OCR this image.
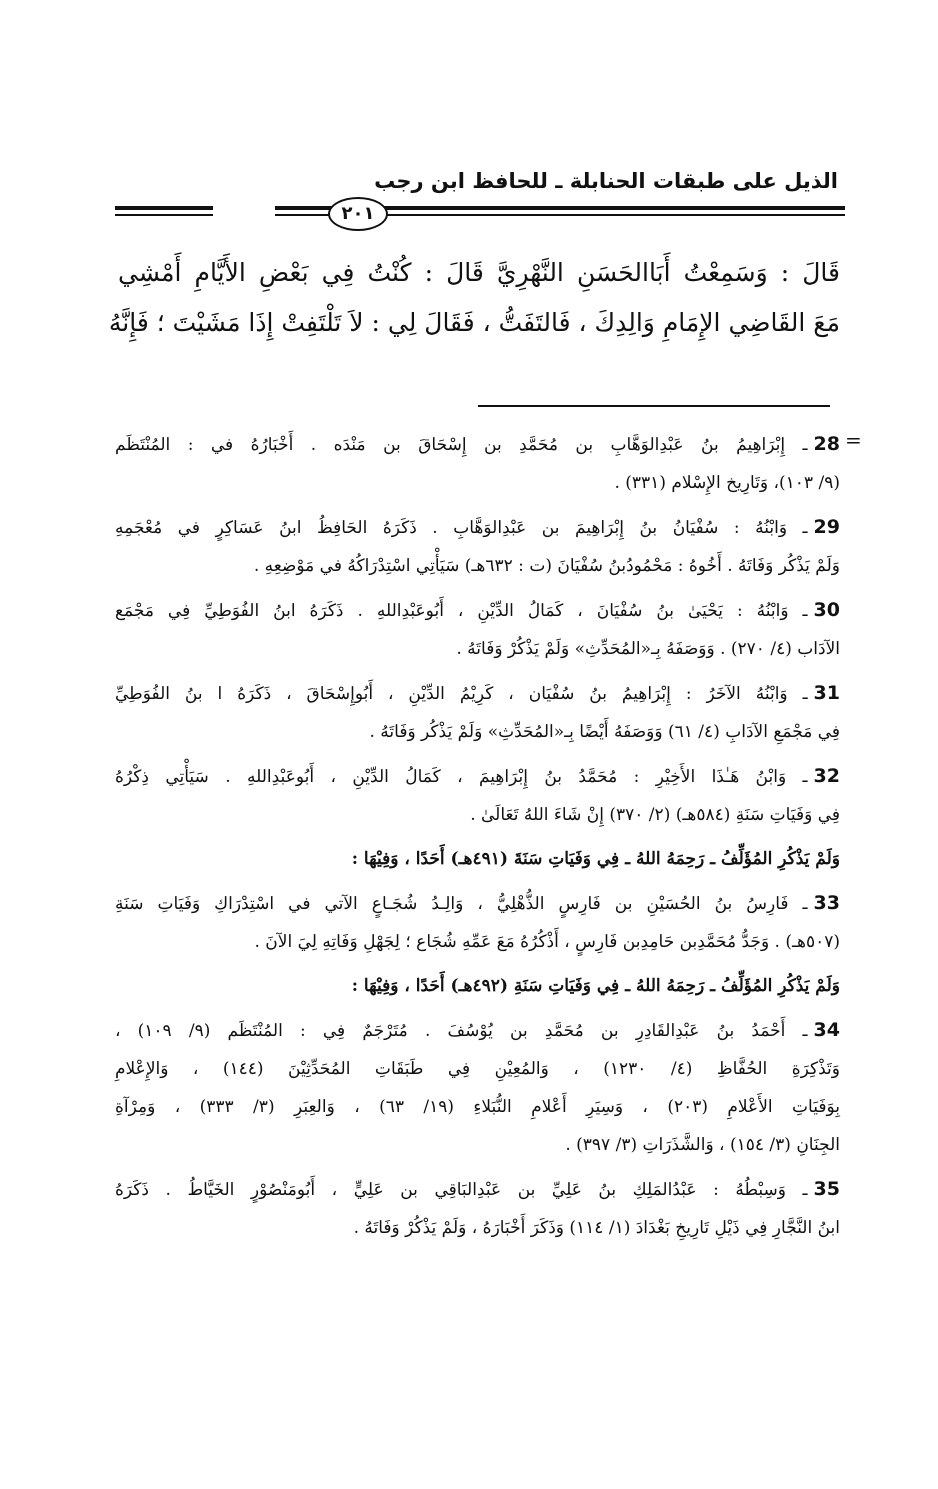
الذيل على طبقات الحنابلة ـ للحافظ ابن رجب
٢٠١

قَالَ : وَسَمِعْتُ أَبَاالحَسَنِ النَّهْرِيَّ قَالَ : كُنْتُ فِي بَعْضِ الأَيَّامِ أَمْشِي

مَعَ القَاضِي الإِمَامِ وَالِدِكَ ، فَالتَفَتُّ ، فَقَالَ لِي : لاَ تَلْتَفِتْ إِذَا مَشَيْتَ ؛ فَإِنَّهُ

=
28ـ إِبْرَاهِيمُ بنُ عَبْدِالوَهَّابِ بن مُحَمَّدِ بن إِسْحَاقَ بن مَنْدَه . أَخْبَارُهُ في : المُنْتَظَم
(٩/ ١٠٣)، وَتَارِيخ الإِسْلام (٣٣١) .
29ـ وَابْنُهُ : سُفْيَانُ بنُ إِبْرَاهِيمَ بن عَبْدِالوَهَّابِ . ذَكَرَهُ الحَافِظُ ابنُ عَسَاكِرٍ في مُعْجَمِهِ
وَلَمْ يَذْكُر وَفَاتَهُ . أَخُوهُ : مَحْمُودُبنُ سُفْيَانَ (ت : ٦٣٢هـ) سَيَأْتِي اسْتِدْرَاكُهُ في مَوْضِعِهِ .
30ـ وَابْنُهُ : يَحْيَىٰ بنُ سُفْيَانَ ، كَمَالُ الدِّيْنِ ، أَبُوعَبْدِاللهِ . ذَكَرَهُ ابنُ الفُوَطِيِّ فِي مَجْمَع
الآدَاب (٤/ ٢٧٠) . وَوَصَفَهُ بِـ«المُحَدِّثِ» وَلَمْ يَذْكُرْ وَفَاتَهُ .
31ـ وَابْنُهُ الآخَرُ : إِبْرَاهِيمُ بنُ سُفْيَان ، كَرِيْمُ الدِّيْنِ ، أَبُوإِسْحَاقَ ، ذَكَرَهُ ا بنُ الفُوَطِيِّ
فِي مَجْمَعِ الآدَابِ (٤/ ٦١) وَوَصَفَهُ أَيْضًا بِـ«المُحَدِّثِ» وَلَمْ يَذْكُر وَفَاتَهُ .
32ـ وَابْنُ هَـٰذَا الأَخِيْرِ : مُحَمَّدُ بنُ إِبْرَاهِيمَ ، كَمَالُ الدِّيْنِ ، أَبُوعَبْدِاللهِ . سَيَأْتِي ذِكْرُهُ
فِي وَفَيَاتِ سَنَةِ (٥٨٤هـ) (٢/ ٣٧٠) إِنْ شَاءَ اللهُ تَعَالَىٰ .
وَلَمْ يَذْكُرِ المُؤَلِّفُ ـ رَحِمَهُ اللهُ ـ فِي وَفَيَاتِ سَنَةَ (٤٩١هـ) أَحَدًا ، وَفِيْهَا :
33ـ فَارِسُ بنُ الحُسَيْنِ بن فَارِسٍ الذُّهْلِيُّ ، وَالِـدُ شُجَـاعٍ الآتي في اسْتِدْرَاكِ وَفَيَاتِ سَنَةِ
(٥٠٧هـ) . وَجَدُّ مُحَمَّدِبن حَامِدِبن فَارِسٍ ، أَذْكُرُهُ مَعَ عَمِّهِ شُجَاع ؛ لِجَهْلِ وَفَاتِهِ لِيَ الآنَ .
وَلَمْ يَذْكُرِ المُؤَلِّفُ ـ رَحِمَهُ اللهُ ـ فِي وَفَيَاتِ سَنَةِ (٤٩٢هـ) أَحَدًا ، وَفِيْهَا :
34ـ أَحْمَدُ بنُ عَبْدِالقَادِرِ بن مُحَمَّدِ بن يُوْسُفَ . مُتَرْجَمٌ فِي : المُنْتَظَم (٩/ ١٠٩) ،
وَتَذْكِرَةِ الحُفَّاظِ (٤/ ١٢٣٠) ، وَالمُعِيْنِ فِي طَبَقَاتِ المُحَدِّثِيْنَ (١٤٤) ، وَالإِعْلامِ
بِوَفَيَاتِ الأَعْلامِ (٢٠٣) ، وَسِيَرِ أَعْلامِ النُّبَلاءِ (١٩/ ٦٣) ، وَالعِبَرِ (٣/ ٣٣٣) ، وَمِرْآةِ
الجِنَانِ (٣/ ١٥٤) ، وَالشَّذَرَاتِ (٣/ ٣٩٧) .
35ـ وَسِبْطُهُ : عَبْدُالمَلِكِ بنُ عَلِيِّ بن عَبْدِالبَاقِي بن عَلِيٍّ ، أَبُومَنْصُوْرٍ الخَيَّاطُ . ذَكَرَهُ
ابنُ النَّجَّارِ فِي ذَيْلِ تَارِيخِ بَغْدَادَ (١/ ١١٤) وَذَكَرَ أَخْبَارَهُ ، وَلَمْ يَذْكُرْ وَفَاتَهُ .
